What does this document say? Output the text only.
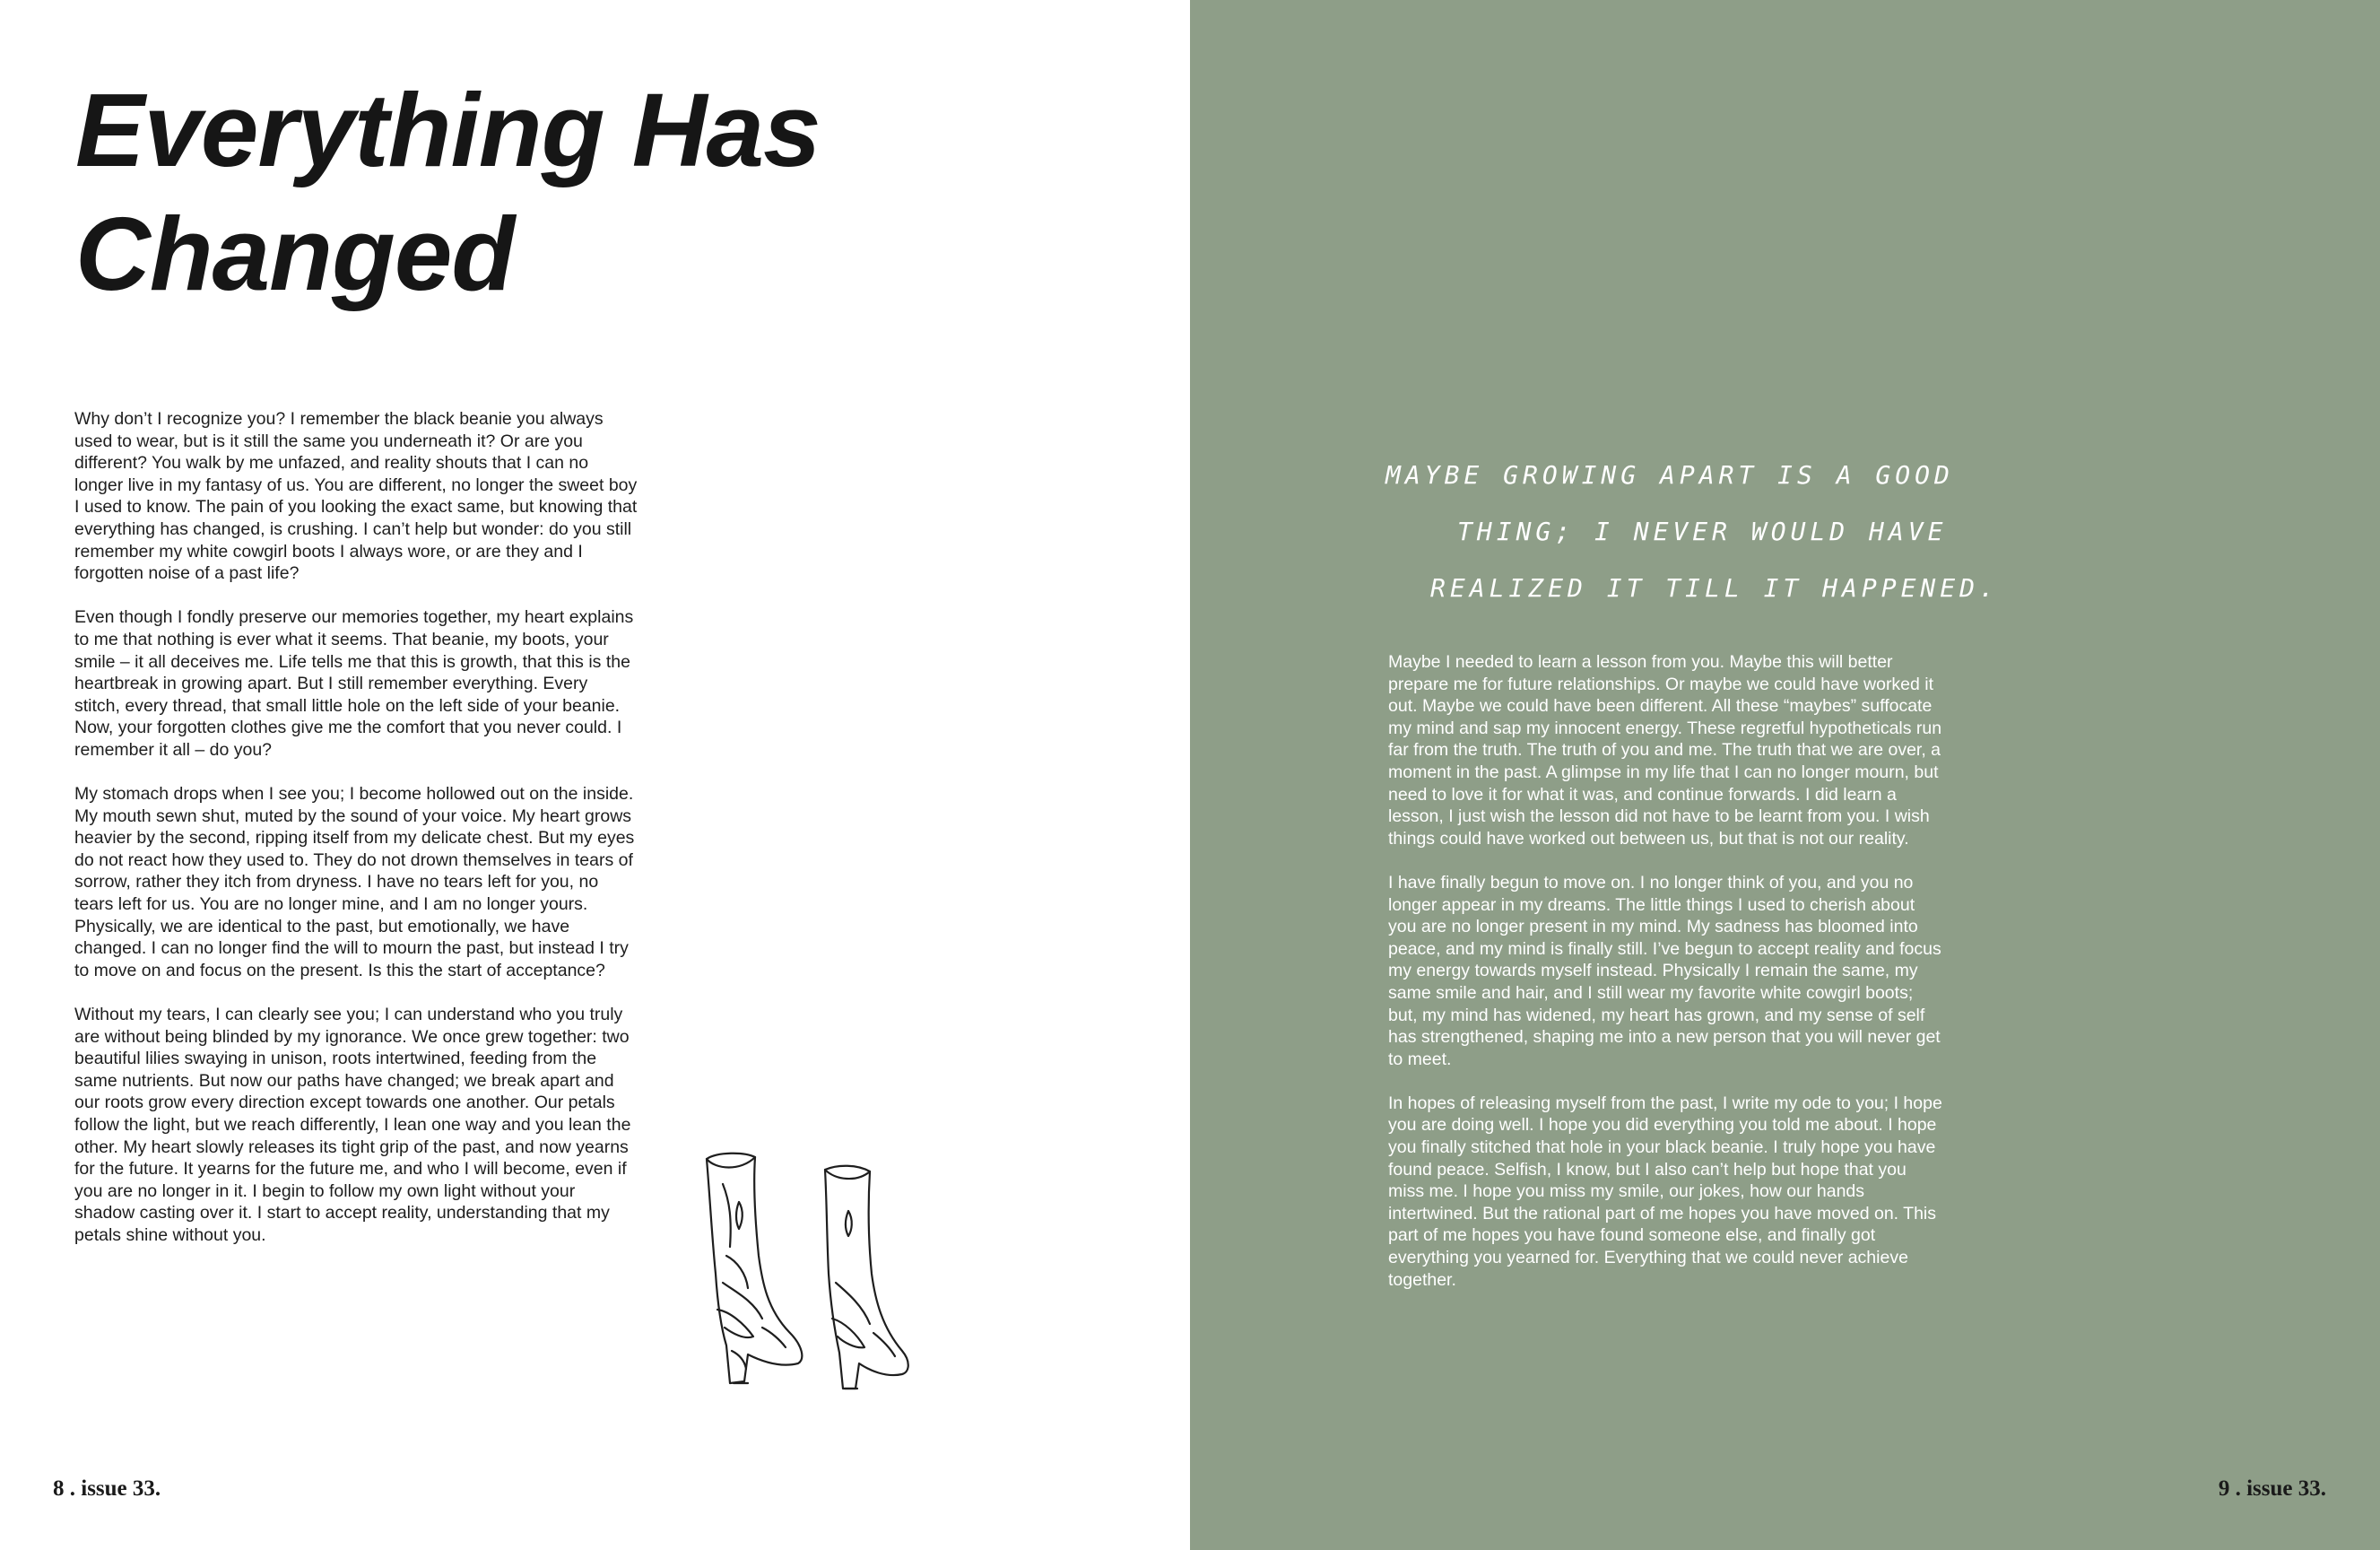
Everything Has
Changed

Why don’t I recognize you? I remember the black beanie you always used to wear, but is it still the same you underneath it? Or are you different? You walk by me unfazed, and reality shouts that I can no longer live in my fantasy of us. You are different, no longer the sweet boy I used to know. The pain of you looking the exact same, but knowing that everything has changed, is crushing. I can’t help but wonder: do you still remember my white cowgirl boots I always wore, or are they and I forgotten noise of a past life?

Even though I fondly preserve our memories together, my heart explains to me that nothing is ever what it seems. That beanie, my boots, your smile – it all deceives me. Life tells me that this is growth, that this is the heartbreak in growing apart. But I still remember everything. Every stitch, every thread, that small little hole on the left side of your beanie. Now, your forgotten clothes give me the comfort that you never could. I remember it all – do you?

My stomach drops when I see you; I become hollowed out on the inside. My mouth sewn shut, muted by the sound of your voice. My heart grows heavier by the second, ripping itself from my delicate chest. But my eyes do not react how they used to. They do not drown themselves in tears of sorrow, rather they itch from dryness. I have no tears left for you, no tears left for us. You are no longer mine, and I am no longer yours. Physically, we are identical to the past, but emotionally, we have changed. I can no longer find the will to mourn the past, but instead I try to move on and focus on the present. Is this the start of acceptance?

Without my tears, I can clearly see you; I can understand who you truly are without being blinded by my ignorance. We once grew together: two beautiful lilies swaying in unison, roots intertwined, feeding from the same nutrients. But now our paths have changed; we break apart and our roots grow every direction except towards one another. Our petals follow the light, but we reach differently, I lean one way and you lean the other. My heart slowly releases its tight grip of the past, and now yearns for the future. It yearns for the future me, and who I will become, even if you are no longer in it. I begin to follow my own light without your shadow casting over it. I start to accept reality, understanding that my petals shine without you.

8 . issue 33.
MAYBE GROWING APART IS A GOOD
THING; I NEVER WOULD HAVE
REALIZED IT TILL IT HAPPENED.

Maybe I needed to learn a lesson from you. Maybe this will better prepare me for future relationships. Or maybe we could have worked it out. Maybe we could have been different. All these “maybes” suffocate my mind and sap my innocent energy. These regretful hypotheticals run far from the truth. The truth of you and me. The truth that we are over, a moment in the past. A glimpse in my life that I can no longer mourn, but need to love it for what it was, and continue forwards. I did learn a lesson, I just wish the lesson did not have to be learnt from you. I wish things could have worked out between us, but that is not our reality.

I have finally begun to move on. I no longer think of you, and you no longer appear in my dreams. The little things I used to cherish about you are no longer present in my mind. My sadness has bloomed into peace, and my mind is finally still. I’ve begun to accept reality and focus my energy towards myself instead. Physically I remain the same, my same smile and hair, and I still wear my favorite white cowgirl boots; but, my mind has widened, my heart has grown, and my sense of self has strengthened, shaping me into a new person that you will never get to meet.

In hopes of releasing myself from the past, I write my ode to you; I hope you are doing well. I hope you did everything you told me about. I hope you finally stitched that hole in your black beanie. I truly hope you have found peace. Selfish, I know, but I also can’t help but hope that you miss me. I hope you miss my smile, our jokes, how our hands intertwined. But the rational part of me hopes you have moved on. This part of me hopes you have found someone else, and finally got everything you yearned for. Everything that we could never achieve together.

9 . issue 33.
